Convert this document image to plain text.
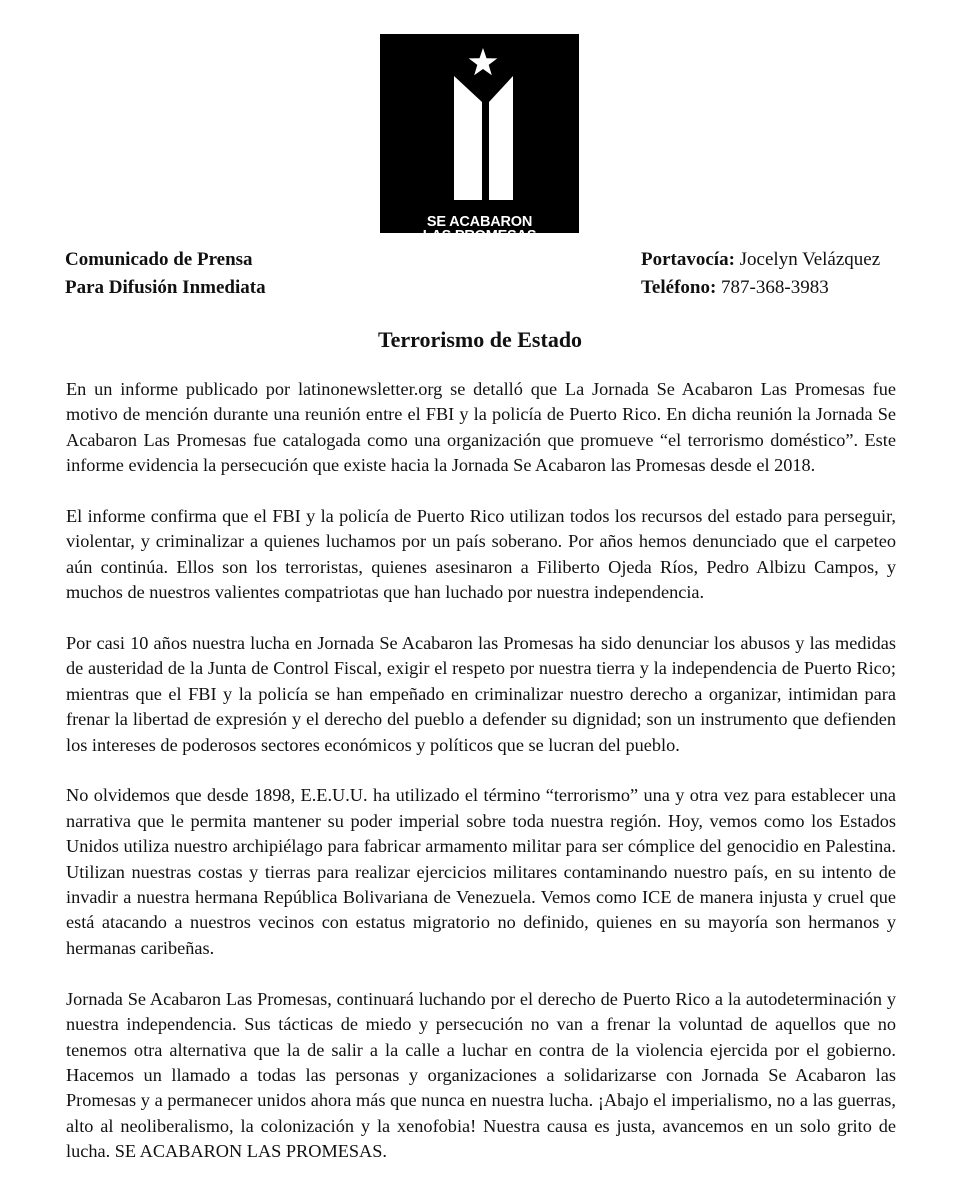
SE ACABARON
LAS PROMESAS
Comunicado de Prensa
Para Difusión Inmediata
Portavocía: Jocelyn Velázquez
Teléfono: 787-368-3983
Terrorismo de Estado

En un informe publicado por latinonewsletter.org se detalló que La Jornada Se Acabaron Las Promesas fue motivo de mención durante una reunión entre el FBI y la policía de Puerto Rico. En dicha reunión la Jornada Se Acabaron Las Promesas fue catalogada como una organización que promueve “el terrorismo doméstico”. Este informe evidencia la persecución que existe hacia la Jornada Se Acabaron las Promesas desde el 2018.

El informe confirma que el FBI y la policía de Puerto Rico utilizan todos los recursos del estado para perseguir, violentar, y criminalizar a quienes luchamos por un país soberano. Por años hemos denunciado que el carpeteo aún continúa. Ellos son los terroristas, quienes asesinaron a Filiberto Ojeda Ríos, Pedro Albizu Campos, y muchos de nuestros valientes compatriotas que han luchado por nuestra independencia.

Por casi 10 años nuestra lucha en Jornada Se Acabaron las Promesas ha sido denunciar los abusos y las medidas de austeridad de la Junta de Control Fiscal, exigir el respeto por nuestra tierra y la independencia de Puerto Rico; mientras que el FBI y la policía se han empeñado en criminalizar nuestro derecho a organizar, intimidan para frenar la libertad de expresión y el derecho del pueblo a defender su dignidad; son un instrumento que defienden los intereses de poderosos sectores económicos y políticos que se lucran del pueblo.

No olvidemos que desde 1898, E.E.U.U. ha utilizado el término “terrorismo” una y otra vez para establecer una narrativa que le permita mantener su poder imperial sobre toda nuestra región. Hoy, vemos como los Estados Unidos utiliza nuestro archipiélago para fabricar armamento militar para ser cómplice del genocidio en Palestina. Utilizan nuestras costas y tierras para realizar ejercicios militares contaminando nuestro país, en su intento de invadir a nuestra hermana República Bolivariana de Venezuela. Vemos como ICE de manera injusta y cruel que está atacando a nuestros vecinos con estatus migratorio no definido, quienes en su mayoría son hermanos y hermanas caribeñas.

Jornada Se Acabaron Las Promesas, continuará luchando por el derecho de Puerto Rico a la autodeterminación y nuestra independencia. Sus tácticas de miedo y persecución no van a frenar la voluntad de aquellos que no tenemos otra alternativa que la de salir a la calle a luchar en contra de la violencia ejercida por el gobierno. Hacemos un llamado a todas las personas y organizaciones a solidarizarse con Jornada Se Acabaron las Promesas y a permanecer unidos ahora más que nunca en nuestra lucha. ¡Abajo el imperialismo, no a las guerras, alto al neoliberalismo, la colonización y la xenofobia! Nuestra causa es justa, avancemos en un solo grito de lucha. SE ACABARON LAS PROMESAS.
